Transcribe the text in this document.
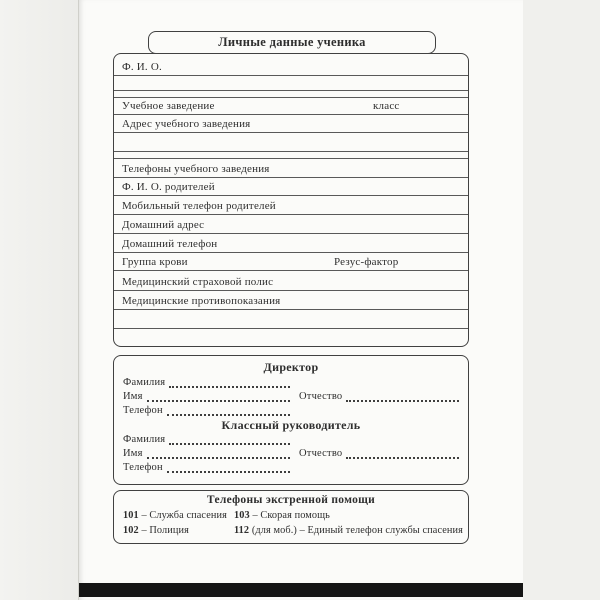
Личные данные ученика
Ф. И. О.
Учебное заведение	класс
Адрес учебного заведения
Телефоны учебного заведения
Ф. И. О. родителей
Мобильный телефон родителей
Домашний адрес
Домашний телефон
Группа крови	Резус-фактор
Медицинский страховой полис
Медицинские противопоказания
Директор
Фамилия
Имя	Отчество
Телефон
Классный руководитель
Фамилия
Имя	Отчество
Телефон
Телефоны экстренной помощи
101 – Служба спасения 103 – Скорая помощь
102 – Полиция	112 (для моб.) – Единый телефон службы спасения
